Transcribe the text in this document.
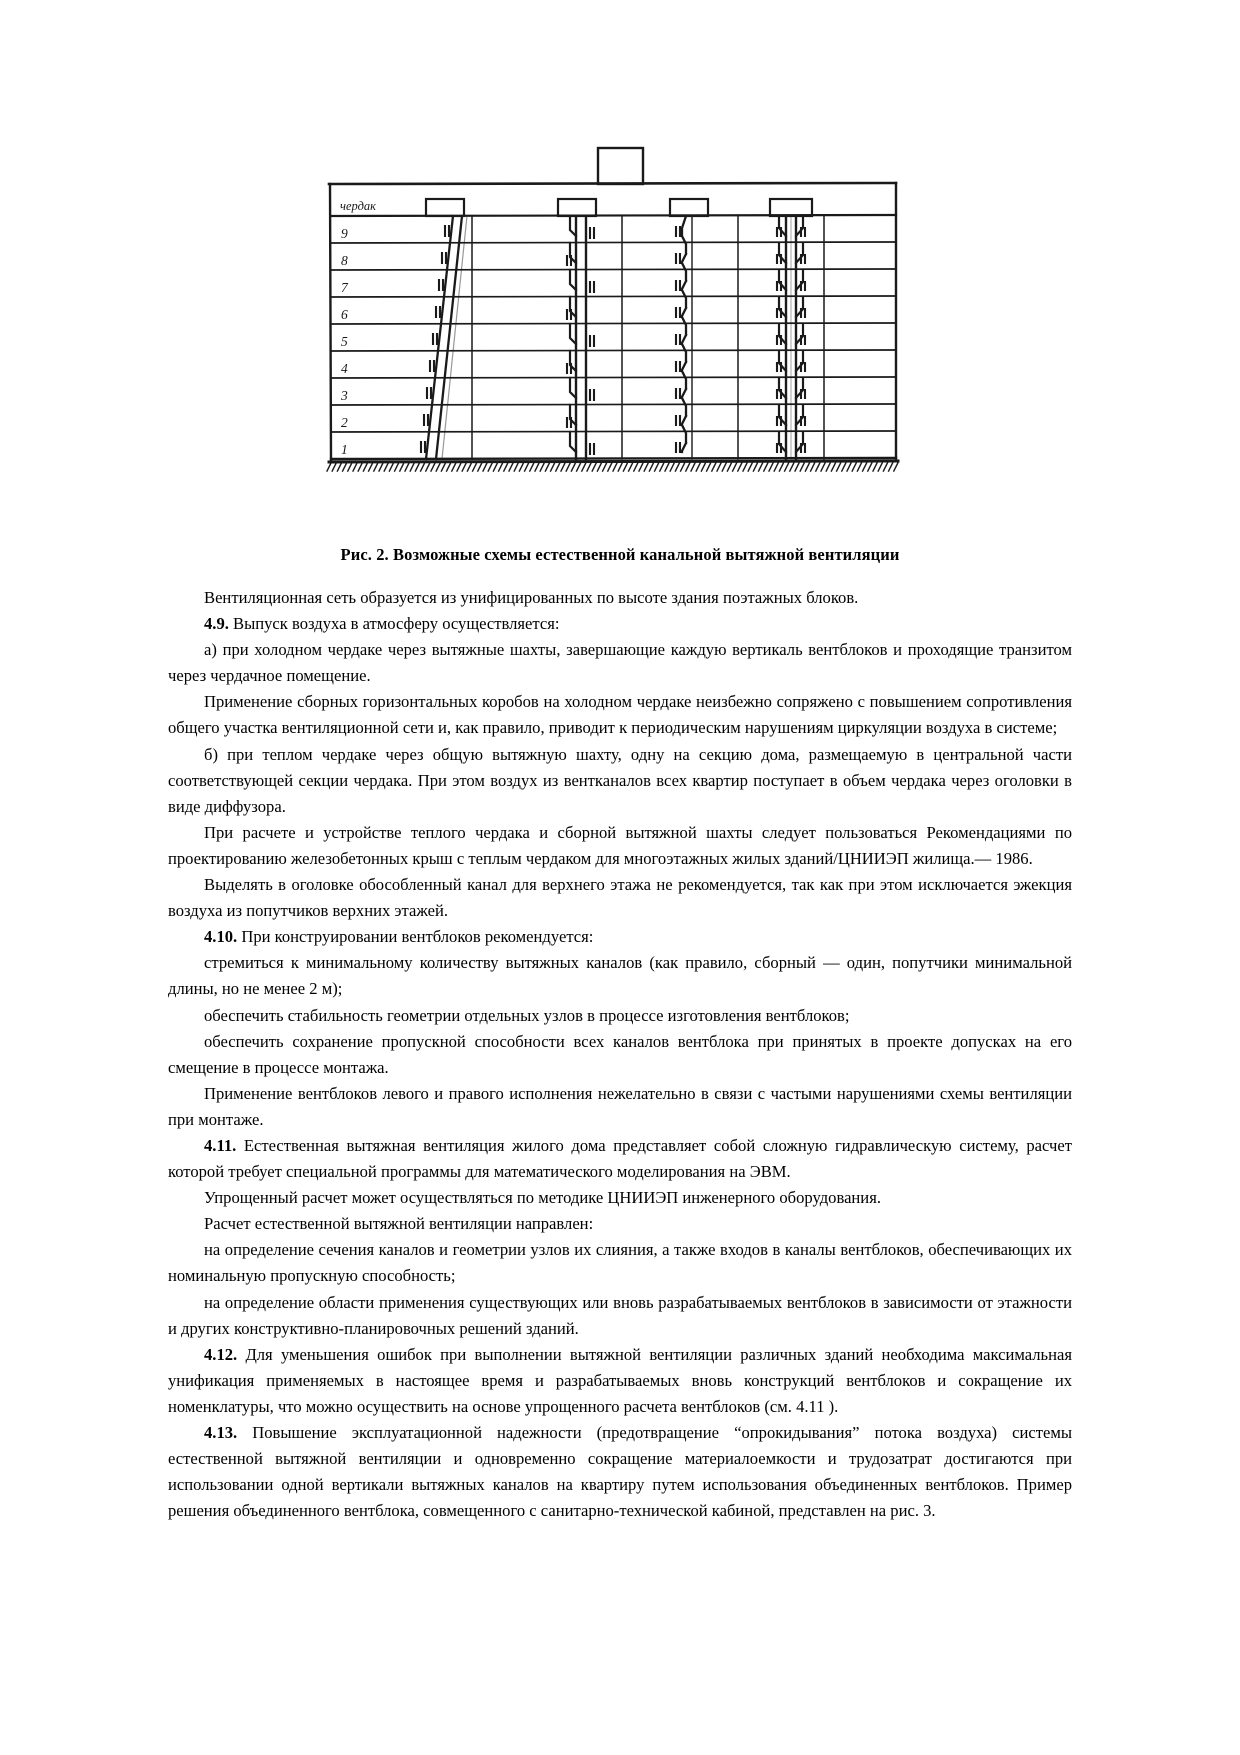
чердак
9
8
7
6
5
4
3
2
1
Рис. 2. Возможные схемы естественной канальной вытяжной вентиляции

Вентиляционная сеть образуется из унифицированных по высоте здания поэтажных блоков.

4.9. Выпуск воздуха в атмосферу осуществляется:

а) при холодном чердаке через вытяжные шахты, завершающие каждую вертикаль вентблоков и проходящие транзитом через чердачное помещение.

Применение сборных горизонтальных коробов на холодном чердаке неизбежно сопряжено с повышением сопротивления общего участка вентиляционной сети и, как правило, приводит к периодическим нарушениям циркуляции воздуха в системе;

б) при теплом чердаке через общую вытяжную шахту, одну на секцию дома, размещаемую в центральной части соответствующей секции чердака. При этом воздух из вентканалов всех квартир поступает в объем чердака через оголовки в виде диффузора.

При расчете и устройстве теплого чердака и сборной вытяжной шахты следует пользоваться Рекомендациями по проектированию железобетонных крыш с теплым чердаком для многоэтажных жилых зданий/ЦНИИЭП жилища.— 1986.

Выделять в оголовке обособленный канал для верхнего этажа не рекомендуется, так как при этом исключается эжекция воздуха из попутчиков верхних этажей.

4.10. При конструировании вентблоков рекомендуется:

стремиться к минимальному количеству вытяжных каналов (как правило, сборный — один, попутчики минимальной длины, но не менее 2 м);

обеспечить стабильность геометрии отдельных узлов в процессе изготовления вентблоков;

обеспечить сохранение пропускной способности всех каналов вентблока при принятых в проекте допусках на его смещение в процессе монтажа.

Применение вентблоков левого и правого исполнения нежелательно в связи с частыми нарушениями схемы вентиляции при монтаже.

4.11. Естественная вытяжная вентиляция жилого дома представляет собой сложную гидравлическую систему, расчет которой требует специальной программы для математического моделирования на ЭВМ.

Упрощенный расчет может осуществляться по методике ЦНИИЭП инженерного оборудования.

Расчет естественной вытяжной вентиляции направлен:

на определение сечения каналов и геометрии узлов их слияния, а также входов в каналы вентблоков, обеспечивающих их номинальную пропускную способность;

на определение области применения существующих или вновь разрабатываемых вентблоков в зависимости от этажности и других конструктивно-планировочных решений зданий.

4.12. Для уменьшения ошибок при выполнении вытяжной вентиляции различных зданий необходима максимальная унификация применяемых в настоящее время и разрабатываемых вновь конструкций вентблоков и сокращение их номенклатуры, что можно осуществить на основе упрощенного расчета вентблоков (см. 4.11 ).

4.13. Повышение эксплуатационной надежности (предотвращение “опрокидывания” потока воздуха) системы естественной вытяжной вентиляции и одновременно сокращение материалоемкости и трудозатрат достигаются при использовании одной вертикали вытяжных каналов на квартиру путем использования объединенных вентблоков. Пример решения объединенного вентблока, совмещенного с санитарно-технической кабиной, представлен на рис. 3.
